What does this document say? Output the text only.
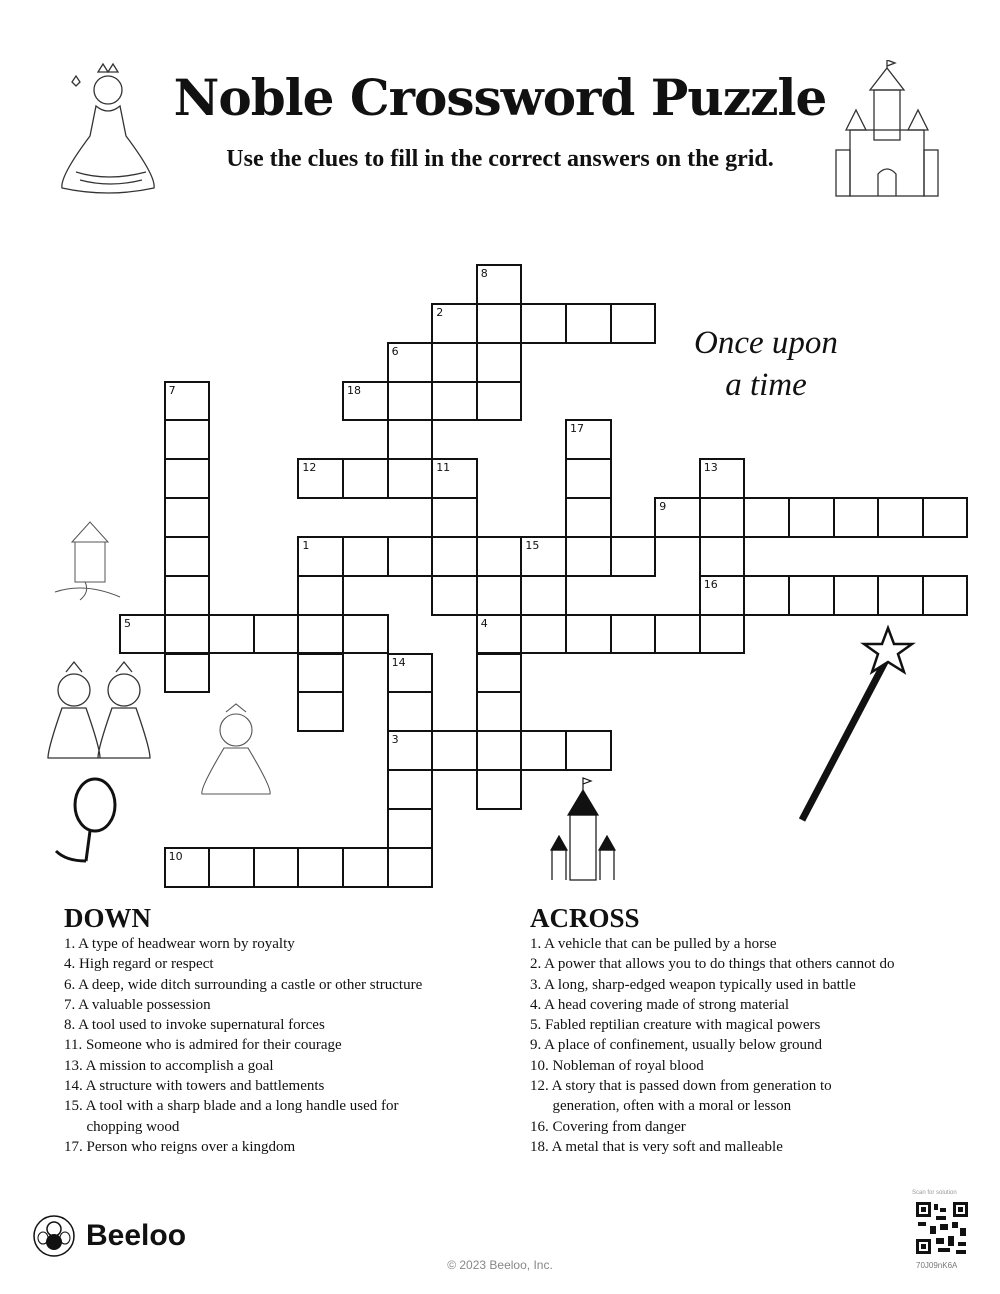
Noble Crossword Puzzle
Use the clues to fill in the correct answers on the grid.
Once upon
a time
8
2
6
7	18
17
12	11	13
9
1	15
16
5	4
14
3
10
DOWN
1. A type of headwear worn by royalty
4. High regard or respect
6. A deep, wide ditch surrounding a castle or other structure
7. A valuable possession
8. A tool used to invoke supernatural forces
11. Someone who is admired for their courage
13. A mission to accomplish a goal
14. A structure with towers and battlements
15. A tool with a sharp blade and a long handle used for
chopping wood
17. Person who reigns over a kingdom
ACROSS
1. A vehicle that can be pulled by a horse
2. A power that allows you to do things that others cannot do
3. A long, sharp-edged weapon typically used in battle
4. A head covering made of strong material
5. Fabled reptilian creature with magical powers
9. A place of confinement, usually below ground
10. Nobleman of royal blood
12. A story that is passed down from generation to
generation, often with a moral or lesson
16. Covering from danger
18. A metal that is very soft and malleable
Beeloo
© 2023 Beeloo, Inc.
Scan for solution
70J09nK6A
